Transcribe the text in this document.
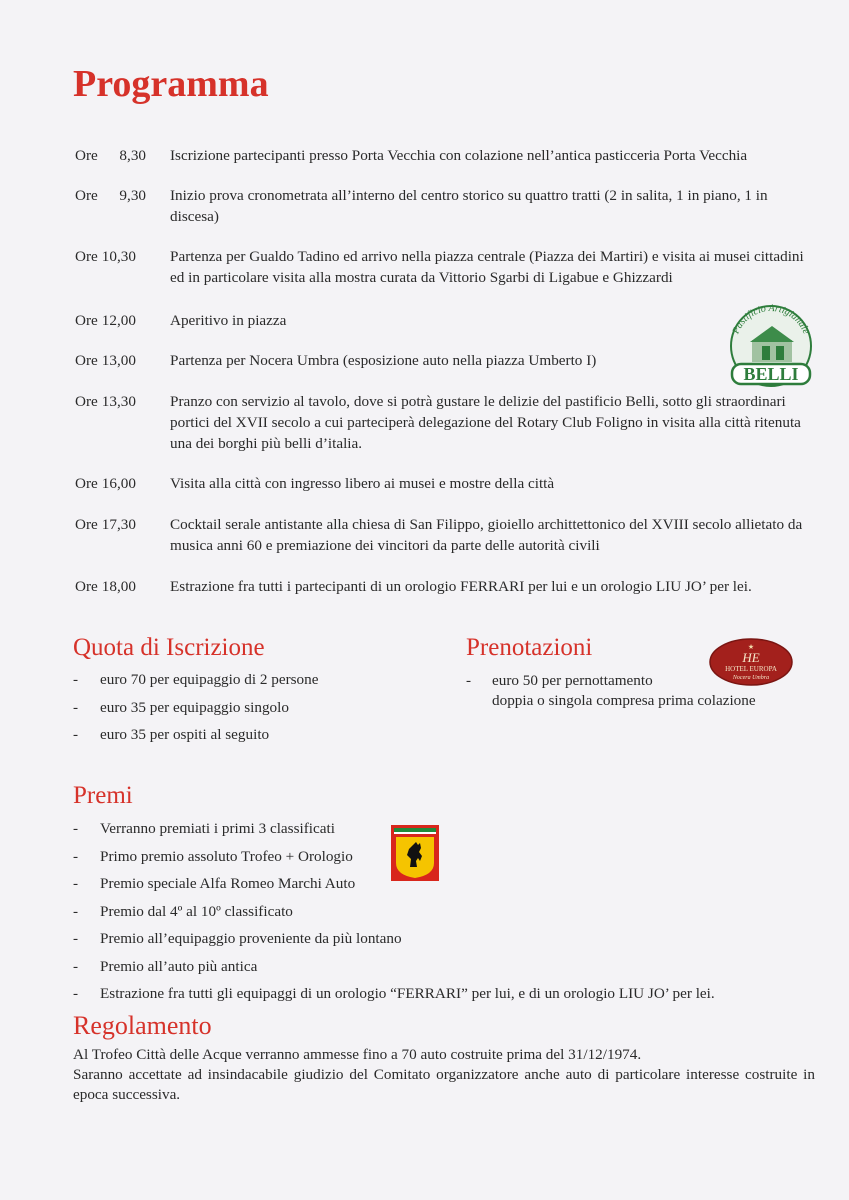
Programma
Ore 8,30 Iscrizione partecipanti presso Porta Vecchia con colazione nell’antica pasticceria Porta Vecchia
Ore 9,30 Inizio prova cronometrata all’interno del centro storico su quattro tratti (2 in salita, 1 in piano, 1 in discesa)
Ore 10,30	Partenza per Gualdo Tadino ed arrivo nella piazza centrale (Piazza dei Martiri) e visita ai musei cittadini ed in particolare visita alla mostra curata da Vittorio Sgarbi di Ligabue e Ghizzardi
Ore 12,00	Aperitivo in piazza
Ore 13,00	Partenza per Nocera Umbra (esposizione auto nella piazza Umberto I)
Ore 13,30	Pranzo con servizio al tavolo, dove si potrà gustare le delizie del pastificio Belli, sotto gli straordinari portici del XVII secolo a cui parteciperà delegazione del Rotary Club Foligno in visita alla città ritenuta una dei borghi più belli d’italia.
Ore 16,00	Visita alla città con ingresso libero ai musei e mostre della città
Ore 17,30	Cocktail serale antistante alla chiesa di San Filippo, gioiello archittettonico del XVIII secolo allietato da musica anni 60 e premiazione dei vincitori da parte delle autorità civili
Ore 18,00	Estrazione fra tutti i partecipanti di un orologio FERRARI per lui e un orologio LIU JO’ per lei.
Pastificio Artigianale
BELLI
Quota di Iscrizione
- euro 70 per equipaggio di 2 persone
- euro 35 per equipaggio singolo
- euro 35 per ospiti al seguito
Prenotazioni
- euro 50 per pernottamento
doppia o singola compresa prima colazione
★
HE
HOTEL EUROPA
Nocera Umbra
Premi
- Verranno premiati i primi 3 classificati
- Primo premio assoluto Trofeo + Orologio
- Premio speciale Alfa Romeo Marchi Auto
- Premio dal 4º al 10º classificato
- Premio all’equipaggio proveniente da più lontano
- Premio all’auto più antica
- Estrazione fra tutti gli equipaggi di un orologio “FERRARI” per lui, e di un orologio LIU JO’ per lei.
Regolamento
Al Trofeo Città delle Acque verranno ammesse fino a 70 auto costruite prima del 31/12/1974.
Saranno accettate ad insindacabile giudizio del Comitato organizzatore anche auto di particolare interesse costruite in epoca successiva.
